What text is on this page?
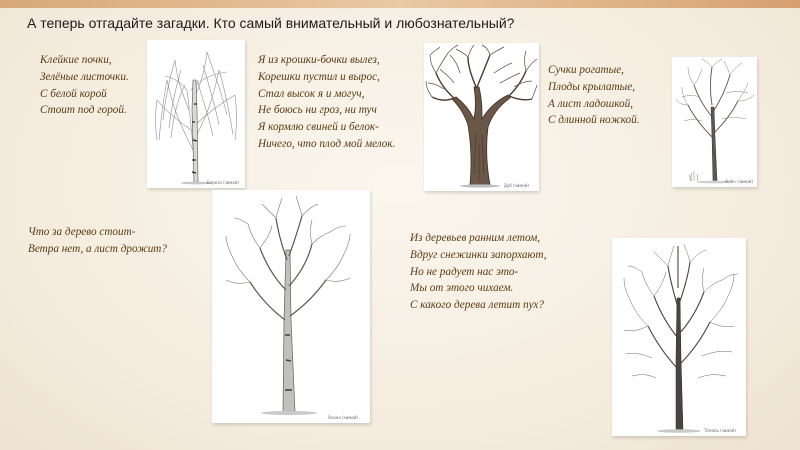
А теперь отгадайте загадки. Кто самый внимательный и любознательный?
Клейкие почки,
Зелёные листочки.
С белой корой
Стоит под горой.
Я из крошки-бочки вылез,
Корешки пустил и вырос,
Стал высок я и могуч,
Не боюсь ни гроз, ни туч
Я кормлю свиней и белок-
Ничего, что плод мой мелок.
Сучки рогатые,
Плоды крылатые,
А лист ладошкой,
С длинной ножкой.
Что за дерево стоит-
Ветра нет, а лист дрожит?
Из деревьев ранним летом,
Вдруг снежинки запорхают,
Но не радует нас это-
Мы от этого чихаем.
С какого дерева летит пух?
Береза (зимой)
Дуб (зимой)
Клён (зимой)
Осина (зимой)
Тополь (зимой)
